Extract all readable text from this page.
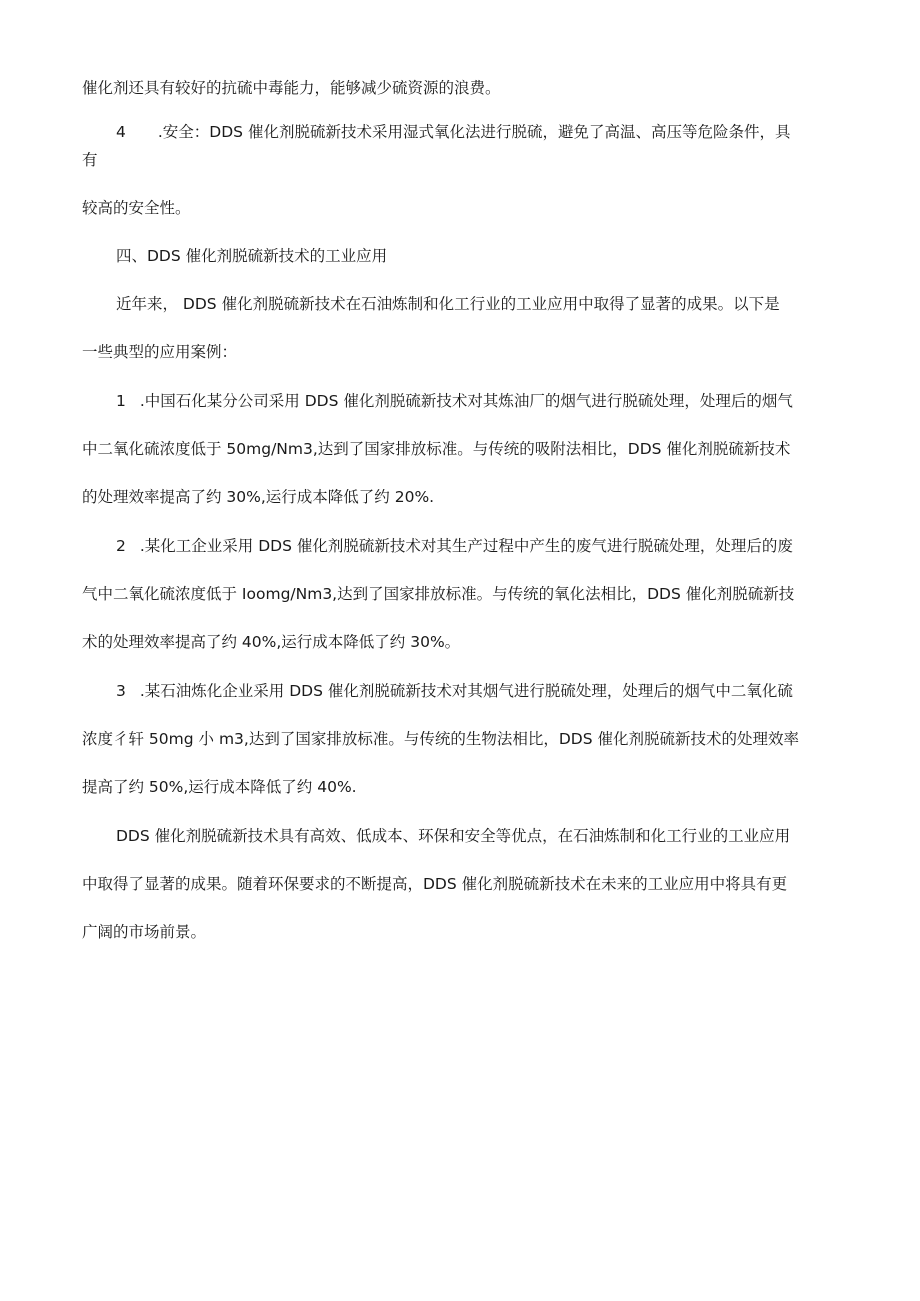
催化剂还具有较好的抗硫中毒能力，能够减少硫资源的浪费。
4 .安全：DDS 催化剂脱硫新技术采用湿式氧化法进行脱硫，避免了高温、高压等危险条件，具
有
较高的安全性。
四、DDS 催化剂脱硫新技术的工业应用
近年来， DDS 催化剂脱硫新技术在石油炼制和化工行业的工业应用中取得了显著的成果。以下是
一些典型的应用案例：
1 .中国石化某分公司采用 DDS 催化剂脱硫新技术对其炼油厂的烟气进行脱硫处理，处理后的烟气
中二氧化硫浓度低于 50mg/Nm3,达到了国家排放标准。与传统的吸附法相比，DDS 催化剂脱硫新技术
的处理效率提高了约 30%,运行成本降低了约 20%.
2 .某化工企业采用 DDS 催化剂脱硫新技术对其生产过程中产生的废气进行脱硫处理，处理后的废
气中二氧化硫浓度低于 Ioomg/Nm3,达到了国家排放标准。与传统的氧化法相比，DDS 催化剂脱硫新技
术的处理效率提高了约 40%,运行成本降低了约 30%。
3 .某石油炼化企业采用 DDS 催化剂脱硫新技术对其烟气进行脱硫处理，处理后的烟气中二氧化硫
浓度彳轩 50mg 小 m3,达到了国家排放标准。与传统的生物法相比，DDS 催化剂脱硫新技术的处理效率
提高了约 50%,运行成本降低了约 40%.
DDS 催化剂脱硫新技术具有高效、低成本、环保和安全等优点，在石油炼制和化工行业的工业应用
中取得了显著的成果。随着环保要求的不断提高，DDS 催化剂脱硫新技术在未来的工业应用中将具有更
广阔的市场前景。
